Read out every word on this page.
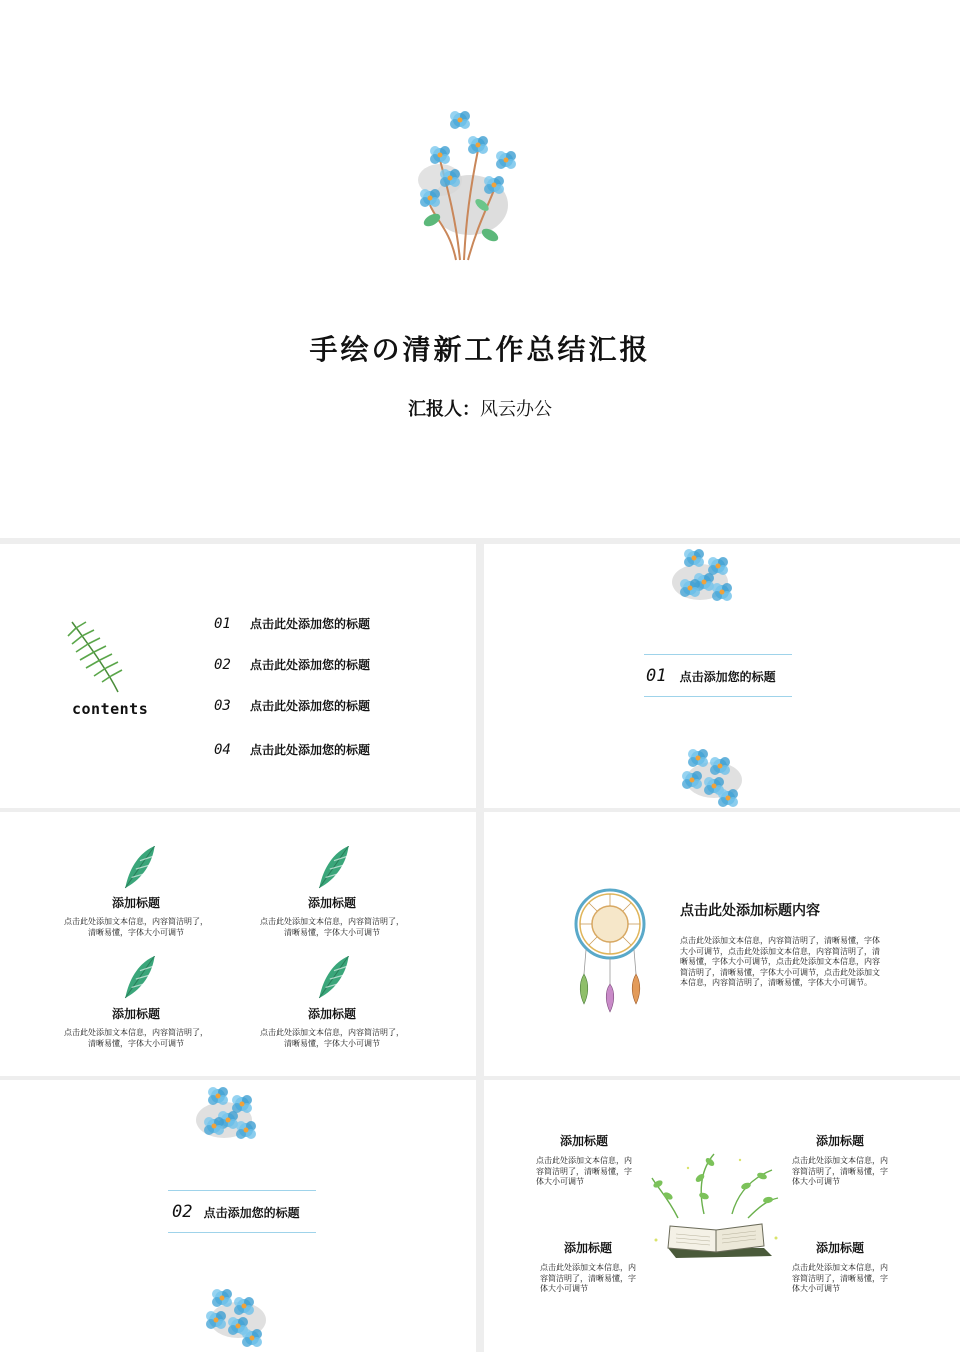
手绘の清新工作总结汇报
汇报人：风云办公
contents
01 点击此处添加您的标题
02 点击此处添加您的标题
03 点击此处添加您的标题
04 点击此处添加您的标题
01 点击添加您的标题
添加标题
点击此处添加文本信息，内容简洁明了，
清晰易懂，字体大小可调节
添加标题
点击此处添加文本信息，内容简洁明了，
清晰易懂，字体大小可调节
添加标题
点击此处添加文本信息，内容简洁明了，
清晰易懂，字体大小可调节
添加标题
点击此处添加文本信息，内容简洁明了，
清晰易懂，字体大小可调节
点击此处添加标题内容
点击此处添加文本信息，内容简洁明了，清晰易懂，字体
大小可调节，点击此处添加文本信息，内容简洁明了，清
晰易懂，字体大小可调节，点击此处添加文本信息，内容
简洁明了，清晰易懂，字体大小可调节，点击此处添加文
本信息，内容简洁明了，清晰易懂，字体大小可调节。
02 点击添加您的标题
添加标题
点击此处添加文本信息，内
容简洁明了，清晰易懂，字
体大小可调节
添加标题
点击此处添加文本信息，内
容简洁明了，清晰易懂，字
体大小可调节
添加标题
点击此处添加文本信息，内
容简洁明了，清晰易懂，字
体大小可调节
添加标题
点击此处添加文本信息，内
容简洁明了，清晰易懂，字
体大小可调节
